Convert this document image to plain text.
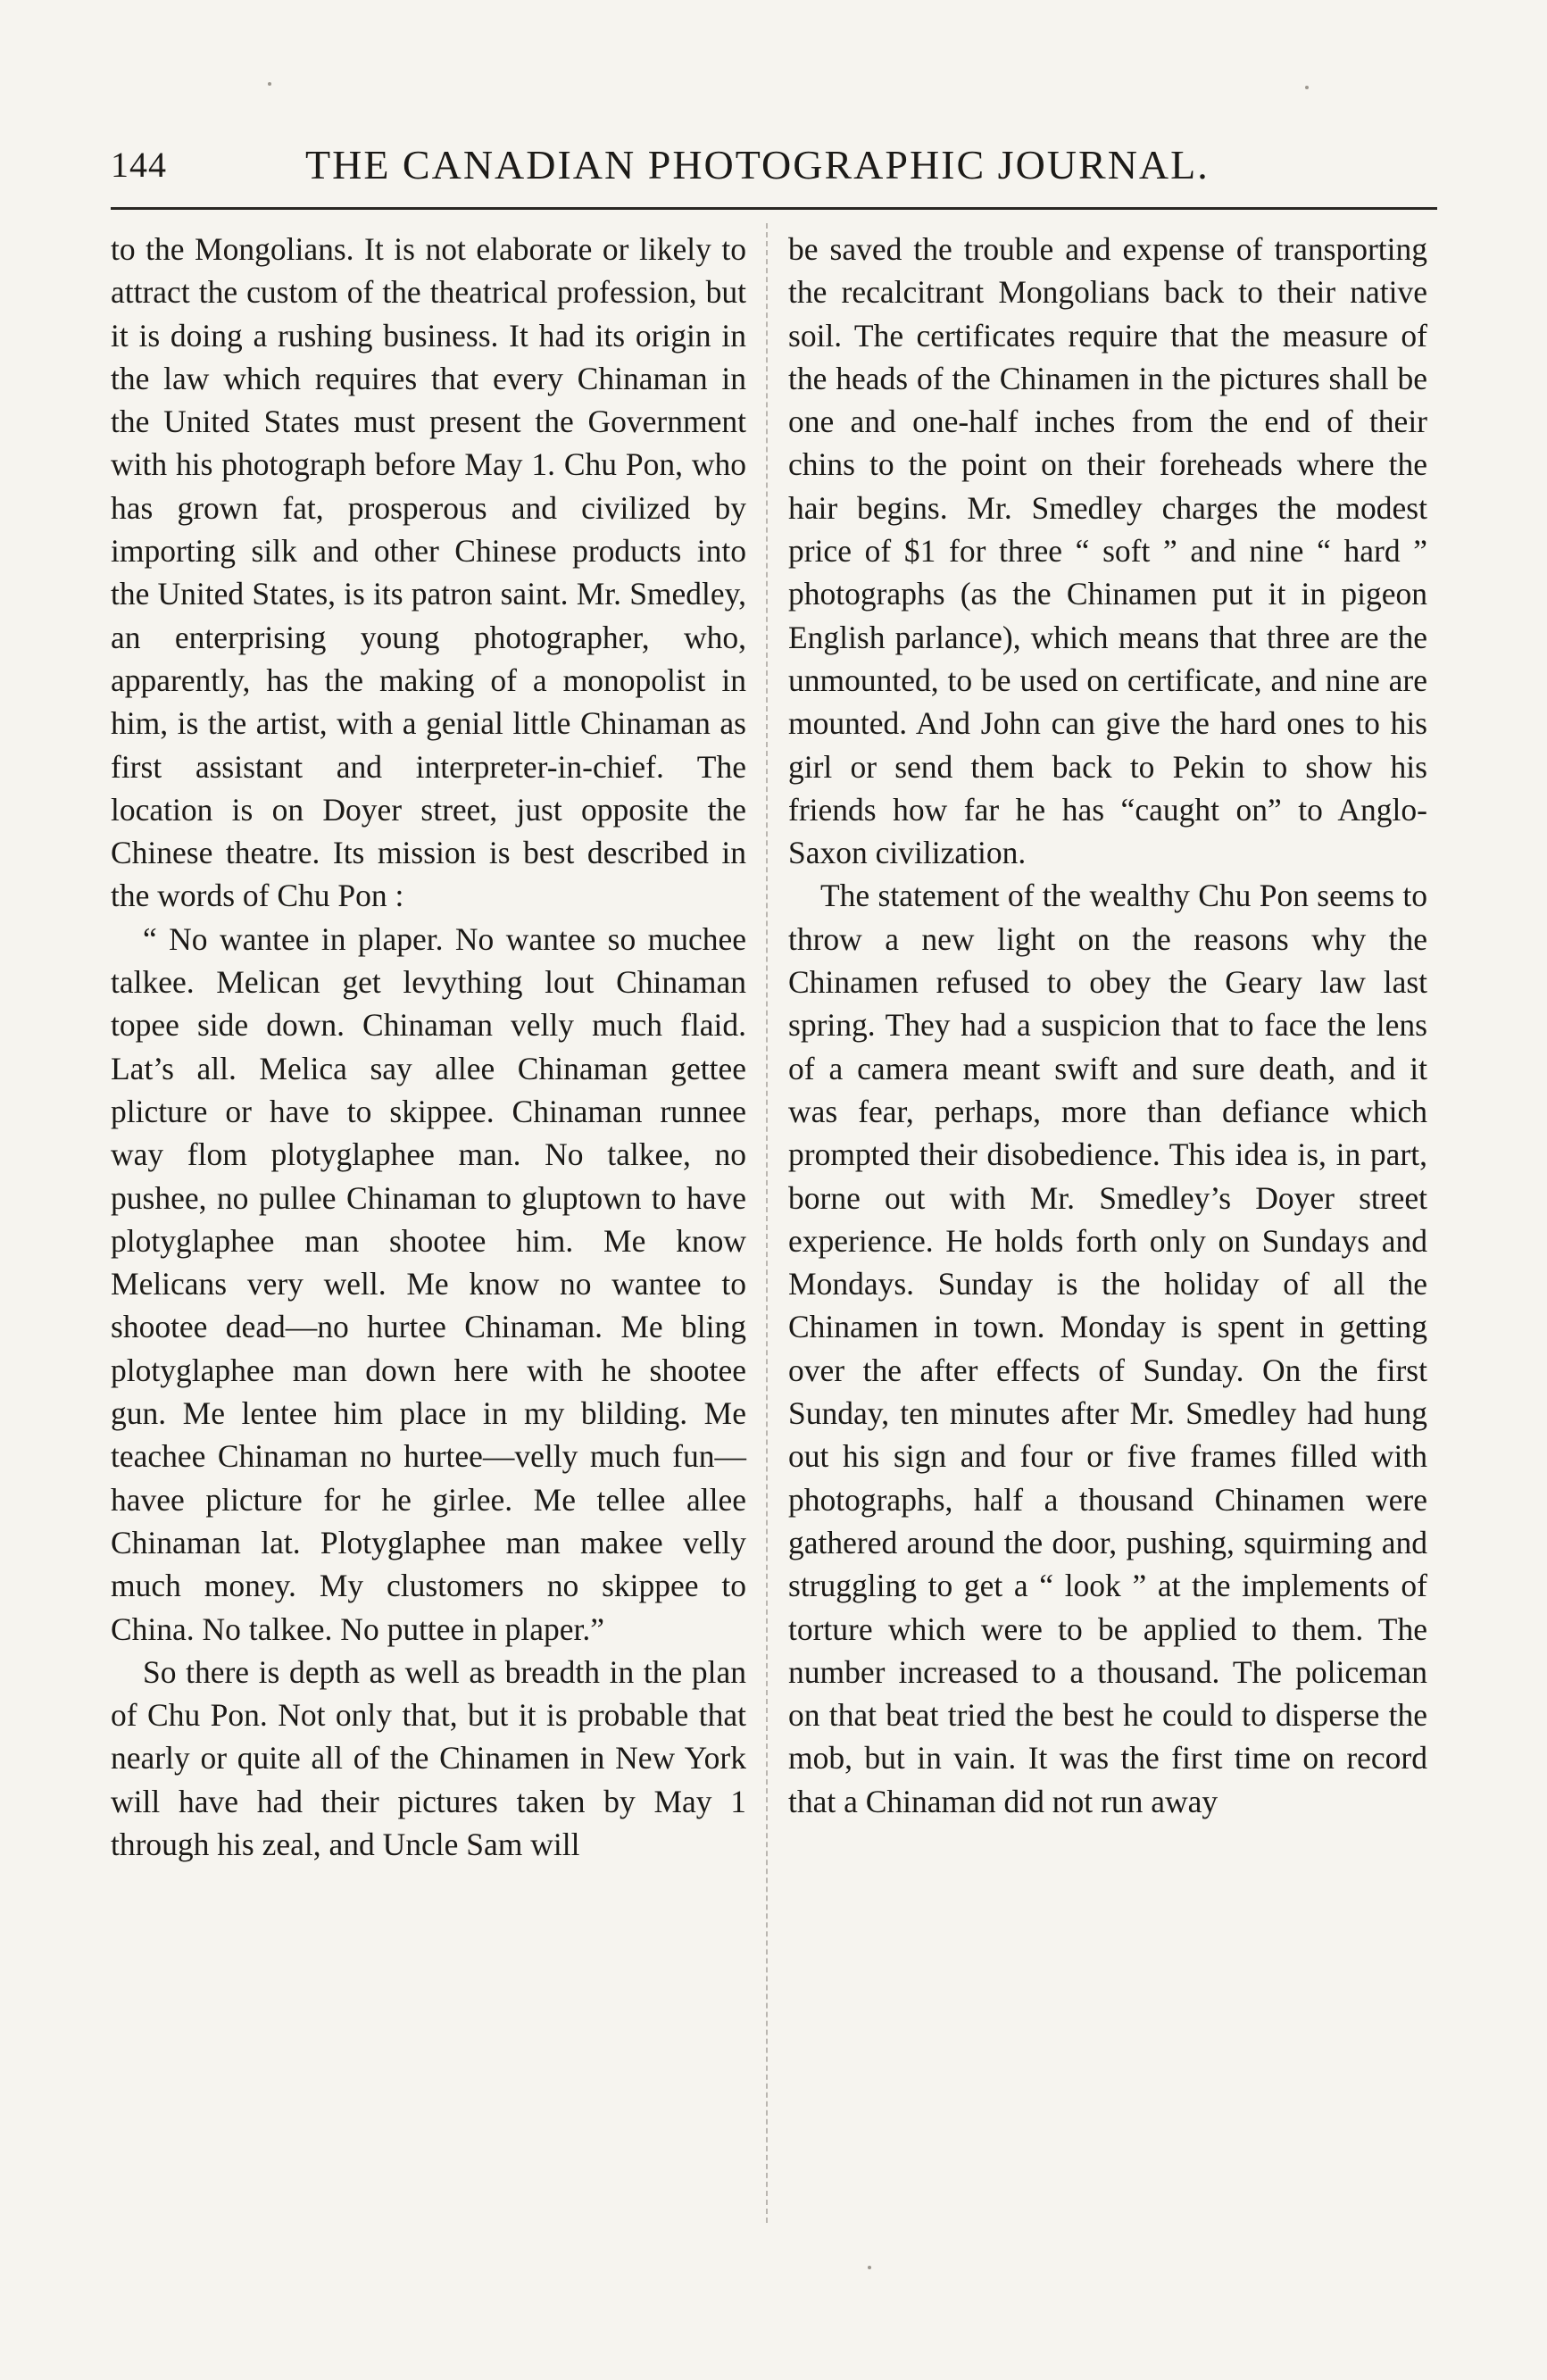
144	THE CANADIAN PHOTOGRAPHIC JOURNAL.

to the Mongolians. It is not elaborate or likely to attract the custom of the theatrical profession, but it is doing a rushing business. It had its origin in the law which requires that every Chinaman in the United States must present the Government with his photograph before May 1. Chu Pon, who has grown fat, prosperous and civilized by importing silk and other Chinese products into the United States, is its patron saint. Mr. Smedley, an enterprising young photographer, who, apparently, has the making of a monopolist in him, is the artist, with a genial little Chinaman as first assistant and interpreter-in-chief. The location is on Doyer street, just opposite the Chinese theatre. Its mission is best described in the words of Chu Pon :

“ No wantee in plaper. No wantee so muchee talkee. Melican get levything lout Chinaman topee side down. Chinaman velly much flaid. Lat’s all. Melica say allee Chinaman gettee plicture or have to skippee. Chinaman runnee way flom plotyglaphee man. No talkee, no pushee, no pullee Chinaman to gluptown to have plotyglaphee man shootee him. Me know Melicans very well. Me know no wantee to shootee dead—no hurtee Chinaman. Me bling plotyglaphee man down here with he shootee gun. Me lentee him place in my blilding. Me teachee Chinaman no hurtee—velly much fun—havee plicture for he girlee. Me tellee allee Chinaman lat. Plotyglaphee man makee velly much money. My clustomers no skippee to China. No talkee. No puttee in plaper.”

So there is depth as well as breadth in the plan of Chu Pon. Not only that, but it is probable that nearly or quite all of the Chinamen in New York will have had their pictures taken by May 1 through his zeal, and Uncle Sam will

be saved the trouble and expense of transporting the recalcitrant Mongolians back to their native soil. The certificates require that the measure of the heads of the Chinamen in the pictures shall be one and one-half inches from the end of their chins to the point on their foreheads where the hair begins. Mr. Smedley charges the modest price of $1 for three “ soft ” and nine “ hard ” photographs (as the Chinamen put it in pigeon English parlance), which means that three are the unmounted, to be used on certificate, and nine are mounted. And John can give the hard ones to his girl or send them back to Pekin to show his friends how far he has “caught on” to Anglo-Saxon civilization.

The statement of the wealthy Chu Pon seems to throw a new light on the reasons why the Chinamen refused to obey the Geary law last spring. They had a suspicion that to face the lens of a camera meant swift and sure death, and it was fear, perhaps, more than defiance which prompted their disobedience. This idea is, in part, borne out with Mr. Smedley’s Doyer street experience. He holds forth only on Sundays and Mondays. Sunday is the holiday of all the Chinamen in town. Monday is spent in getting over the after effects of Sunday. On the first Sunday, ten minutes after Mr. Smedley had hung out his sign and four or five frames filled with photographs, half a thousand Chinamen were gathered around the door, pushing, squirming and struggling to get a “ look ” at the implements of torture which were to be applied to them. The number increased to a thousand. The policeman on that beat tried the best he could to disperse the mob, but in vain. It was the first time on record that a Chinaman did not run away
